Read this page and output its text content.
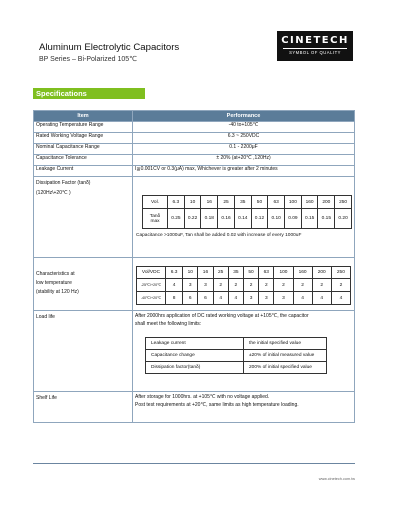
Aluminum Electrolytic Capacitors
BP Series – Bi-Polarized 105℃
CINETECH
SYMBOL OF QUALITY
Specifications
Item	Performance
Operating Temperature Range	-40 to+105℃
Rated Working Voltage Range	6.3 ~ 250VDC
Nominal Capacitance Range	0.1 - 2200μF
Capacitance Tolerance	± 20% (at+20℃ ,120Hz)
Leakage Current	I≦0.001CV or 0.3(μA) max, Whichever is greater after 2 minutes

Dissipation Factor (tanδ)
(120Hz\+20℃ )

Vol.	6.3	10	16	25	35	50	63	100	160	200	250

Tanδ
max	0.25	0.22	0.18	0.16	0.14	0.12	0.10	0.09	0.15	0.15	0.20
Capacitance >1000uF, Tan shall be added 0.02 with increase of every 1000uF

Characteristics at
low temperature
(stability at 120 Hz)

Vol/VDC	6.3	10	16	25	35	50	63	100	160	200	250
-25℃/+20℃	4	3	3	2	2	2	2	2	2	2	2
-40℃/+20℃	8	6	6	4	4	3	3	3	4	4	4

Load life	After 2000hrs application of DC rated working voltage at +105℃, the capacitor
shall meet the following limits:
Leakage current	the initial specified value
Capacitance change	±20% of initial measured value
Dissipation factor(tanδ)	200% of initial specified value

Shelf Life	After storage for 1000hrs. at +105℃ with no voltage applied.
Post test requirements at +20℃, same limits as high temperature loading.
www.cinetech.com.tw
